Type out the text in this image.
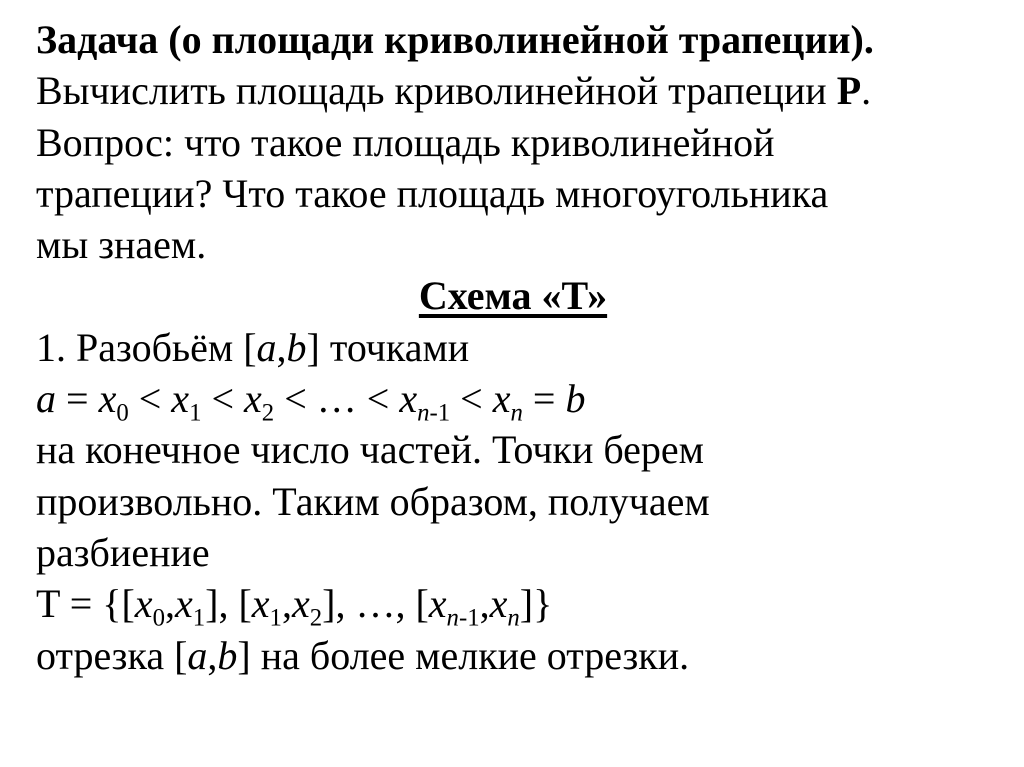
Задача (о площади криволинейной трапеции).
Вычислить площадь криволинейной трапеции P.
Вопрос: что такое площадь криволинейной
трапеции? Что такое площадь многоугольника
мы знаем.
Схема «Т»
1. Разобьём [a,b] точками
$a = x_0 < x_1 < x_2$ < … < $x_{n-1} < x_n = b$
на конечное число частей. Точки берем
произвольно. Таким образом, получаем
разбиение
$T = \{[x_0,x_1]$, $[x_1,x_2]$, …, $[x_{n-1},x_n]$}
отрезка [a,b] на более мелкие отрезки.
